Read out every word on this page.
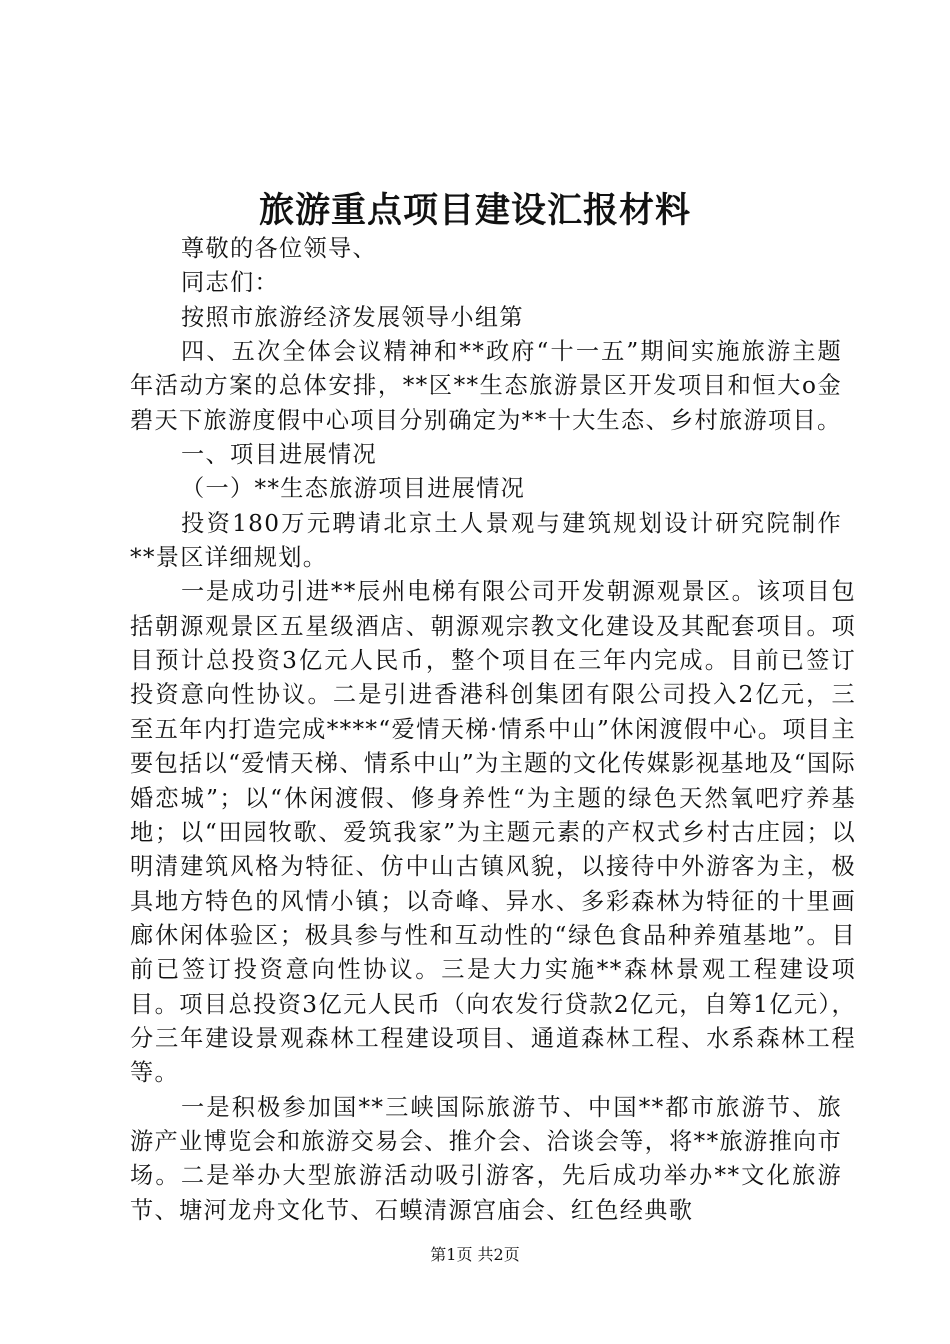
旅游重点项目建设汇报材料

尊敬的各位领导、

同志们：

按照市旅游经济发展领导小组第

四、五次全体会议精神和**政府“十一五”期间实施旅游主题年活动方案的总体安排，**区**生态旅游景区开发项目和恒大o金碧天下旅游度假中心项目分别确定为**十大生态、乡村旅游项目。

一、项目进展情况

（一）**生态旅游项目进展情况

投资180万元聘请北京土人景观与建筑规划设计研究院制作**景区详细规划。

一是成功引进**辰州电梯有限公司开发朝源观景区。该项目包括朝源观景区五星级酒店、朝源观宗教文化建设及其配套项目。项目预计总投资3亿元人民币，整个项目在三年内完成。目前已签订投资意向性协议。二是引进香港科创集团有限公司投入2亿元，三至五年内打造完成****“爱情天梯·情系中山”休闲渡假中心。项目主要包括以“爱情天梯、情系中山”为主题的文化传媒影视基地及“国际婚恋城”；以“休闲渡假、修身养性“为主题的绿色天然氧吧疗养基地；以“田园牧歌、爱筑我家”为主题元素的产权式乡村古庄园；以明清建筑风格为特征、仿中山古镇风貌，以接待中外游客为主，极具地方特色的风情小镇；以奇峰、异水、多彩森林为特征的十里画廊休闲体验区；极具参与性和互动性的“绿色食品种养殖基地”。目前已签订投资意向性协议。三是大力实施**森林景观工程建设项目。项目总投资3亿元人民币（向农发行贷款2亿元，自筹1亿元），分三年建设景观森林工程建设项目、通道森林工程、水系森林工程等。

一是积极参加国**三峡国际旅游节、中国**都市旅游节、旅游产业博览会和旅游交易会、推介会、洽谈会等，将**旅游推向市场。二是举办大型旅游活动吸引游客，先后成功举办**文化旅游节、塘河龙舟文化节、石蟆清源宫庙会、红色经典歌

第1页 共2页
